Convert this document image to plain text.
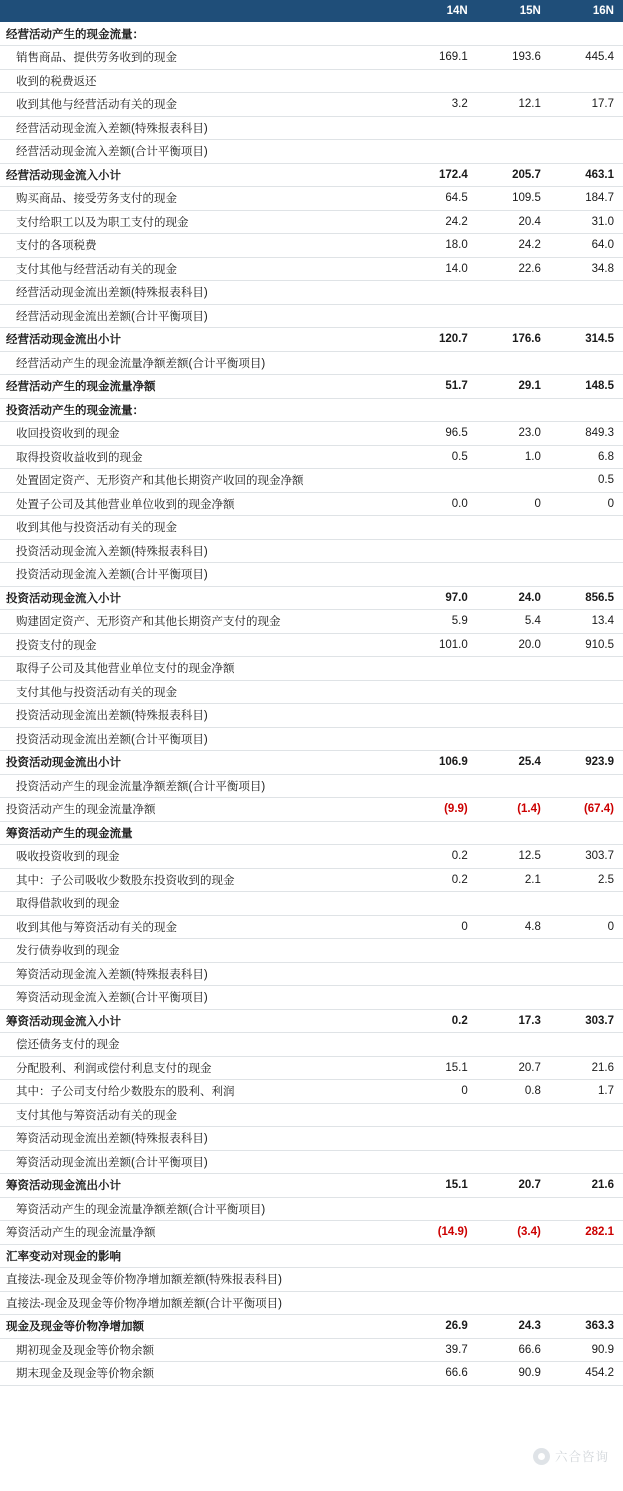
	14N	15N	16N
经营活动产生的现金流量：			
销售商品、提供劳务收到的现金	169.1	193.6	445.4
收到的税费返还			
收到其他与经营活动有关的现金	3.2	12.1	17.7
经营活动现金流入差额(特殊报表科目)			
经营活动现金流入差额(合计平衡项目)			
经营活动现金流入小计	172.4	205.7	463.1
购买商品、接受劳务支付的现金	64.5	109.5	184.7
支付给职工以及为职工支付的现金	24.2	20.4	31.0
支付的各项税费	18.0	24.2	64.0
支付其他与经营活动有关的现金	14.0	22.6	34.8
经营活动现金流出差额(特殊报表科目)			
经营活动现金流出差额(合计平衡项目)			
经营活动现金流出小计	120.7	176.6	314.5
经营活动产生的现金流量净额差额(合计平衡项目)			
经营活动产生的现金流量净额	51.7	29.1	148.5
投资活动产生的现金流量：			
收回投资收到的现金	96.5	23.0	849.3
取得投资收益收到的现金	0.5	1.0	6.8
处置固定资产、无形资产和其他长期资产收回的现金净额			0.5
处置子公司及其他营业单位收到的现金净额	0.0	0	0
收到其他与投资活动有关的现金			
投资活动现金流入差额(特殊报表科目)			
投资活动现金流入差额(合计平衡项目)			
投资活动现金流入小计	97.0	24.0	856.5
购建固定资产、无形资产和其他长期资产支付的现金	5.9	5.4	13.4
投资支付的现金	101.0	20.0	910.5
取得子公司及其他营业单位支付的现金净额			
支付其他与投资活动有关的现金			
投资活动现金流出差额(特殊报表科目)			
投资活动现金流出差额(合计平衡项目)			
投资活动现金流出小计	106.9	25.4	923.9
投资活动产生的现金流量净额差额(合计平衡项目)			
投资活动产生的现金流量净额	(9.9)	(1.4)	(67.4)
筹资活动产生的现金流量			
吸收投资收到的现金	0.2	12.5	303.7
其中：子公司吸收少数股东投资收到的现金	0.2	2.1	2.5
取得借款收到的现金			
收到其他与筹资活动有关的现金	0	4.8	0
发行债券收到的现金			
筹资活动现金流入差额(特殊报表科目)			
筹资活动现金流入差额(合计平衡项目)			
筹资活动现金流入小计	0.2	17.3	303.7
偿还债务支付的现金			
分配股利、利润或偿付利息支付的现金	15.1	20.7	21.6
其中：子公司支付给少数股东的股利、利润	0	0.8	1.7
支付其他与筹资活动有关的现金			
筹资活动现金流出差额(特殊报表科目)			
筹资活动现金流出差额(合计平衡项目)			
筹资活动现金流出小计	15.1	20.7	21.6
筹资活动产生的现金流量净额差额(合计平衡项目)			
筹资活动产生的现金流量净额	(14.9)	(3.4)	282.1
汇率变动对现金的影响			
直接法-现金及现金等价物净增加额差额(特殊报表科目)			
直接法-现金及现金等价物净增加额差额(合计平衡项目)			
现金及现金等价物净增加额	26.9	24.3	363.3
期初现金及现金等价物余额	39.7	66.6	90.9
期末现金及现金等价物余额	66.6	90.9	454.2
六合咨询
